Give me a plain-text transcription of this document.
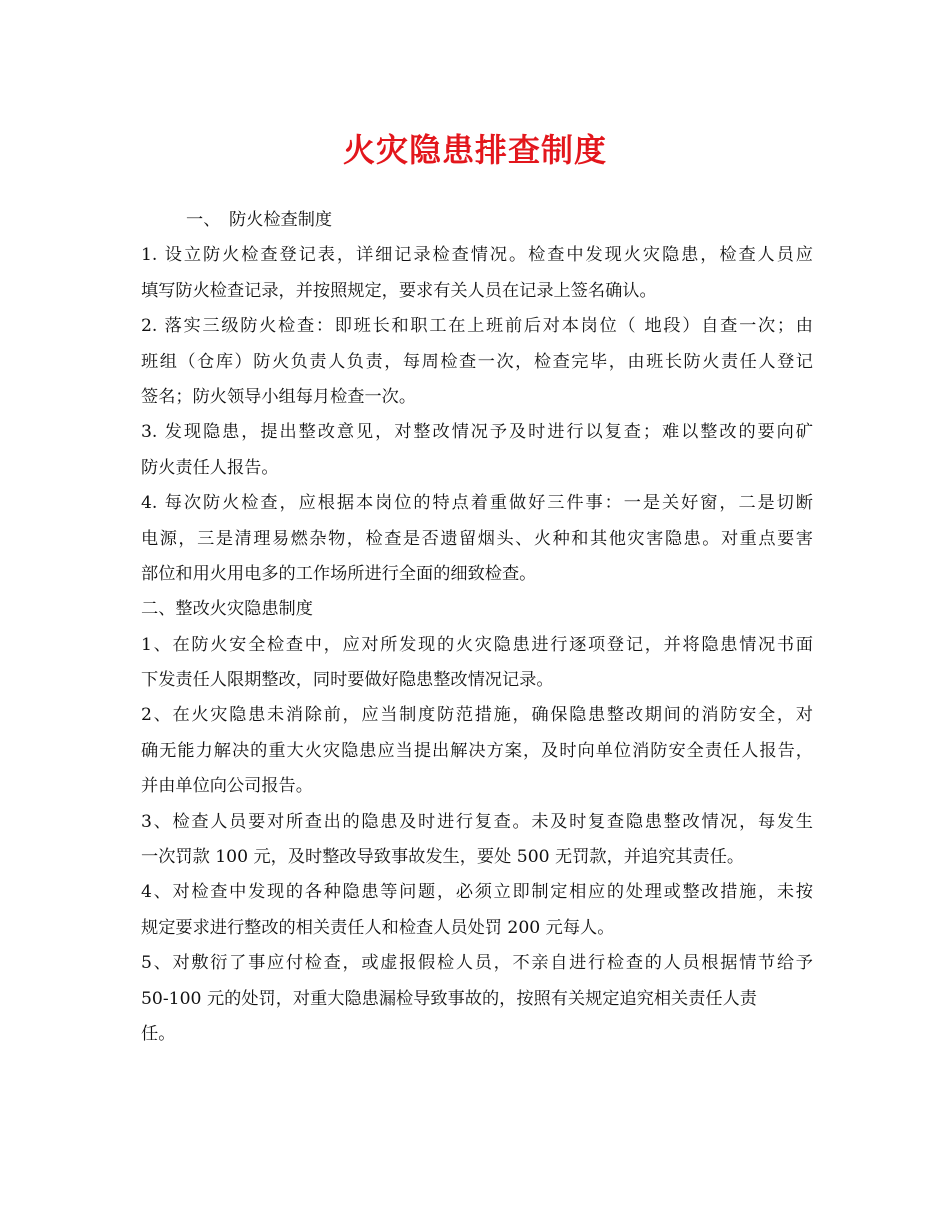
火灾隐患排查制度
一、　防火检查制度
1. 设立防火检查登记表，详细记录检查情况。检查中发现火灾隐患，检查人员应
填写防火检查记录，并按照规定，要求有关人员在记录上签名确认。
2. 落实三级防火检查：即班长和职工在上班前后对本岗位（ 地段）自查一次；由
班组（仓库）防火负责人负责，每周检查一次，检查完毕，由班长防火责任人登记
签名；防火领导小组每月检查一次。
3. 发现隐患，提出整改意见，对整改情况予及时进行以复查；难以整改的要向矿
防火责任人报告。
4. 每次防火检查，应根据本岗位的特点着重做好三件事：一是关好窗，二是切断
电源，三是清理易燃杂物，检查是否遗留烟头、火种和其他灾害隐患。对重点要害
部位和用火用电多的工作场所进行全面的细致检查。
二、整改火灾隐患制度
1、在防火安全检查中，应对所发现的火灾隐患进行逐项登记，并将隐患情况书面
下发责任人限期整改，同时要做好隐患整改情况记录。
2、在火灾隐患未消除前，应当制度防范措施，确保隐患整改期间的消防安全，对
确无能力解决的重大火灾隐患应当提出解决方案，及时向单位消防安全责任人报告，
并由单位向公司报告。
3、检查人员要对所查出的隐患及时进行复查。未及时复查隐患整改情况，每发生
一次罚款 100 元，及时整改导致事故发生，要处 500 无罚款，并追究其责任。
4、对检查中发现的各种隐患等问题，必须立即制定相应的处理或整改措施，未按
规定要求进行整改的相关责任人和检查人员处罚 200 元每人。
5、对敷衍了事应付检查，或虚报假检人员，不亲自进行检查的人员根据情节给予
50-100 元的处罚，对重大隐患漏检导致事故的，按照有关规定追究相关责任人责
任。
